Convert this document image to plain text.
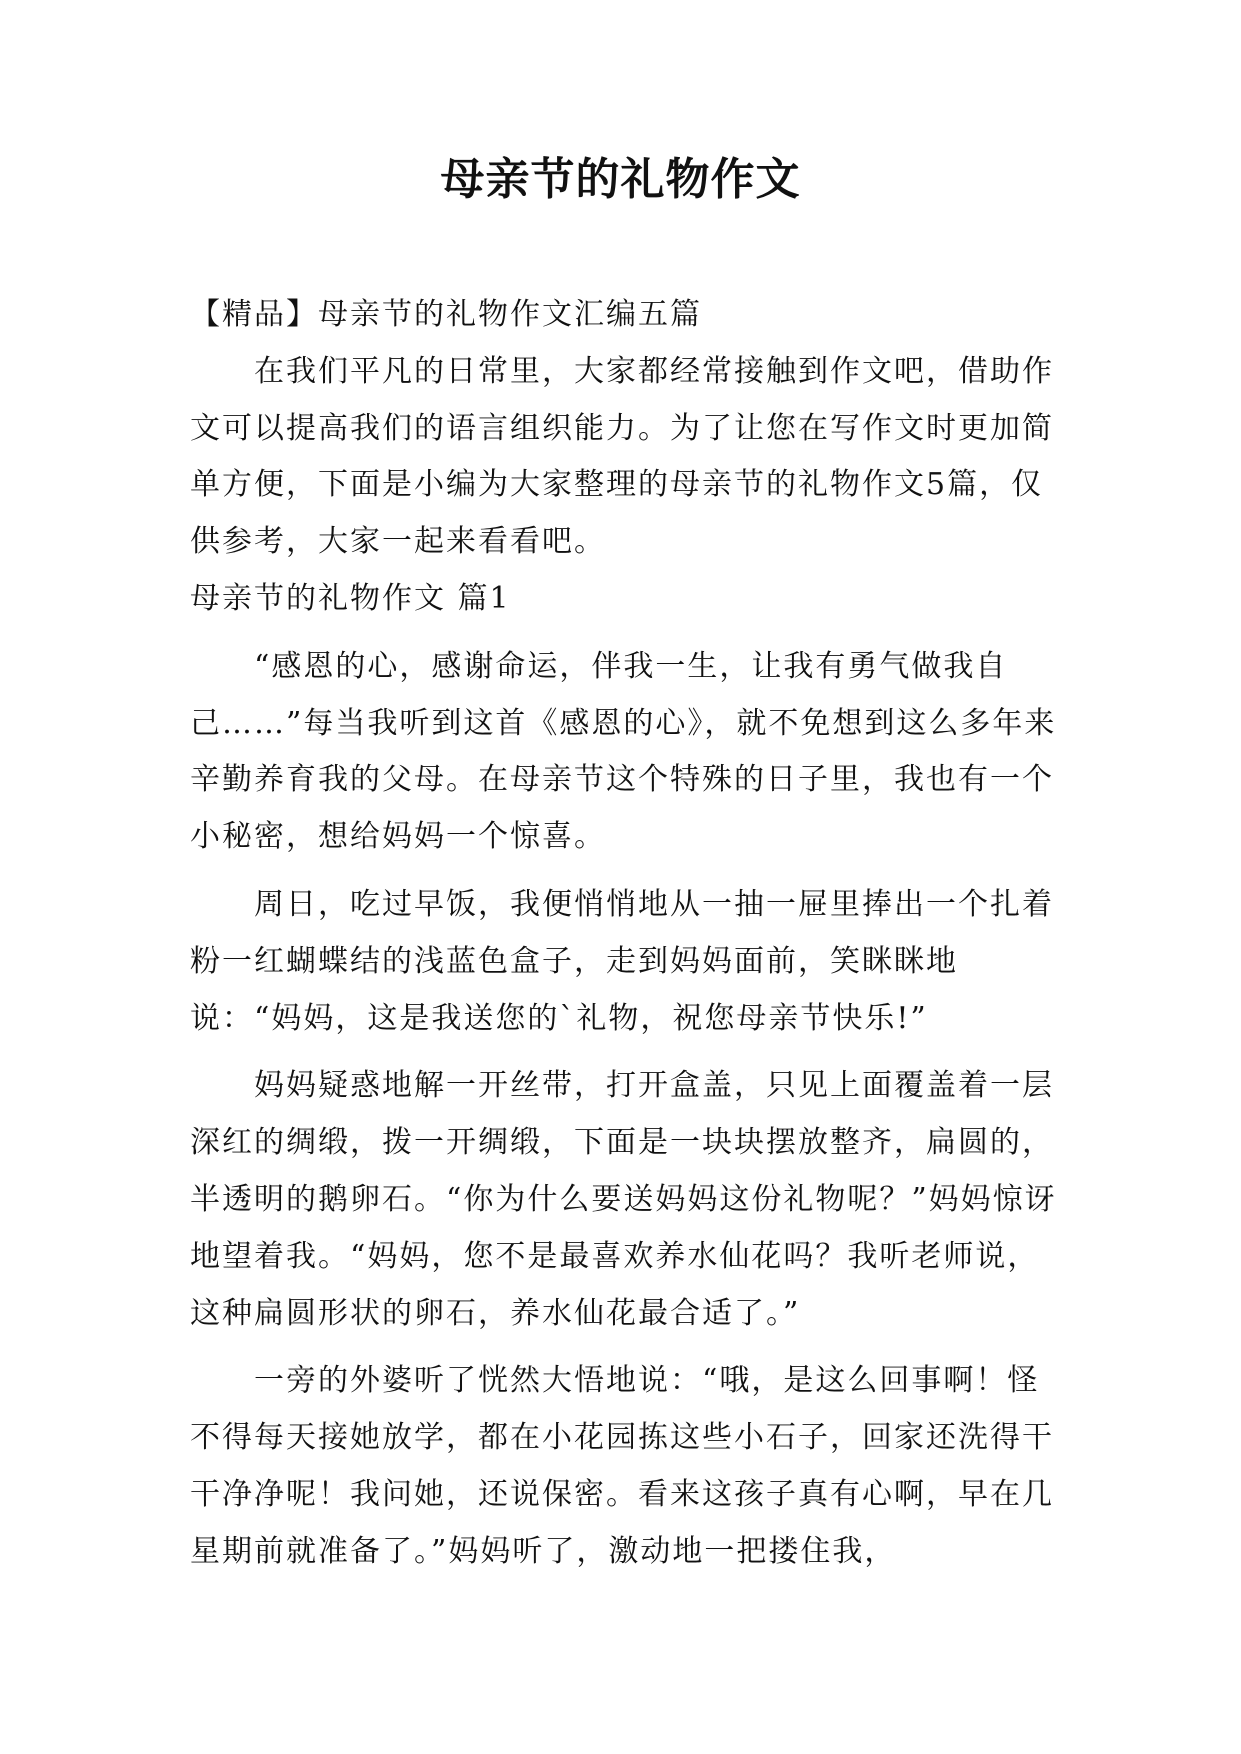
母亲节的礼物作文

【精品】母亲节的礼物作文汇编五篇

在我们平凡的日常里，大家都经常接触到作文吧，借助作文可以提高我们的语言组织能力。为了让您在写作文时更加简单方便，下面是小编为大家整理的母亲节的礼物作文5篇，仅供参考，大家一起来看看吧。

母亲节的礼物作文 篇1

“感恩的心，感谢命运，伴我一生，让我有勇气做我自己……”每当我听到这首《感恩的心》，就不免想到这么多年来辛勤养育我的父母。在母亲节这个特殊的日子里，我也有一个小秘密，想给妈妈一个惊喜。

周日，吃过早饭，我便悄悄地从一抽一屉里捧出一个扎着粉一红蝴蝶结的浅蓝色盒子，走到妈妈面前，笑眯眯地说：“妈妈，这是我送您的`礼物，祝您母亲节快乐!”

妈妈疑惑地解一开丝带，打开盒盖，只见上面覆盖着一层深红的绸缎，拨一开绸缎，下面是一块块摆放整齐，扁圆的，半透明的鹅卵石。“你为什么要送妈妈这份礼物呢？”妈妈惊讶地望着我。“妈妈，您不是最喜欢养水仙花吗？我听老师说，这种扁圆形状的卵石，养水仙花最合适了。”

一旁的外婆听了恍然大悟地说：“哦，是这么回事啊！怪不得每天接她放学，都在小花园拣这些小石子，回家还洗得干干净净呢！我问她，还说保密。看来这孩子真有心啊，早在几星期前就准备了。”妈妈听了，激动地一把搂住我，
